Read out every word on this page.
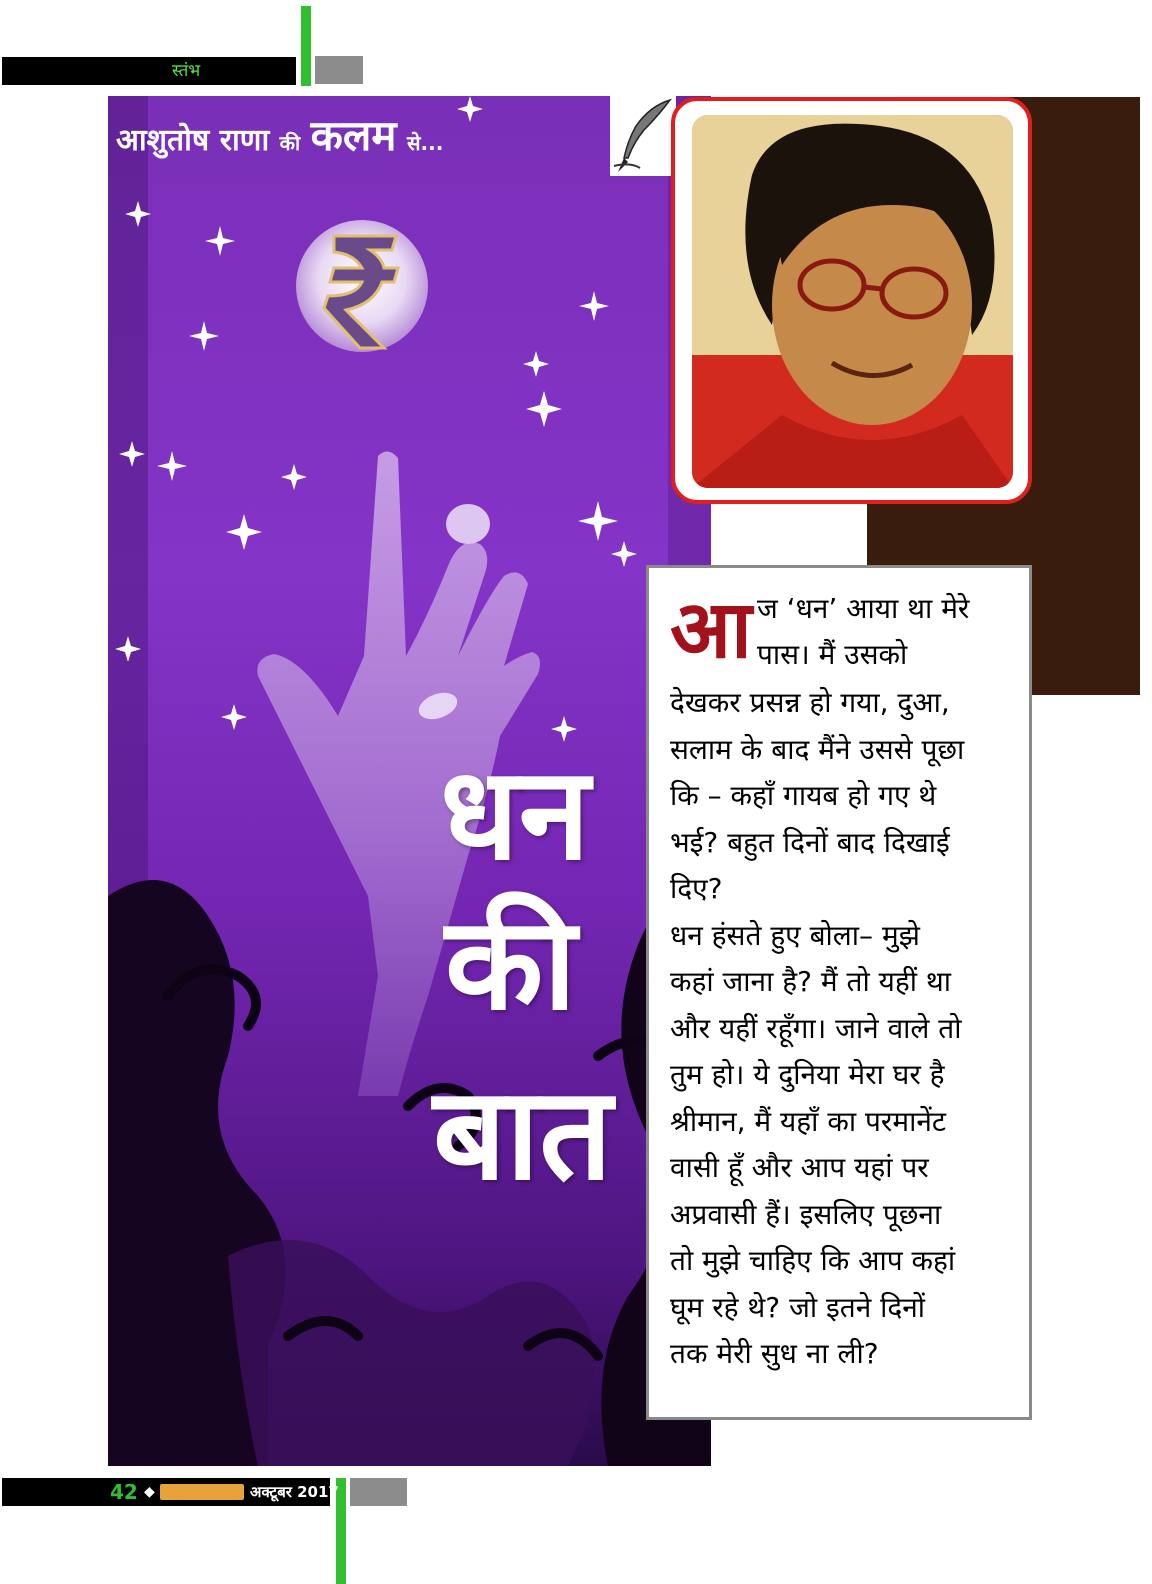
स्तंभ
आशुतोष राणा की कलम से...
धन
की
बात
आ ज ‘धन’ आया था मेरे
पास। मैं उसको
देखकर प्रसन्न हो गया, दुआ,
सलाम के बाद मैंने उससे पूछा
कि – कहाँ गायब हो गए थे
भई? बहुत दिनों बाद दिखाई
दिए?
धन हंसते हुए बोला– मुझे
कहां जाना है? मैं तो यहीं था
और यहीं रहूँगा। जाने वाले तो
तुम हो। ये दुनिया मेरा घर है
श्रीमान, मैं यहाँ का परमानेंट
वासी हूँ और आप यहां पर
अप्रवासी हैं। इसलिए पूछना
तो मुझे चाहिए कि आप कहां
घूम रहे थे? जो इतने दिनों
तक मेरी सुध ना ली?
42 ◆	अक्टूबर 2017
